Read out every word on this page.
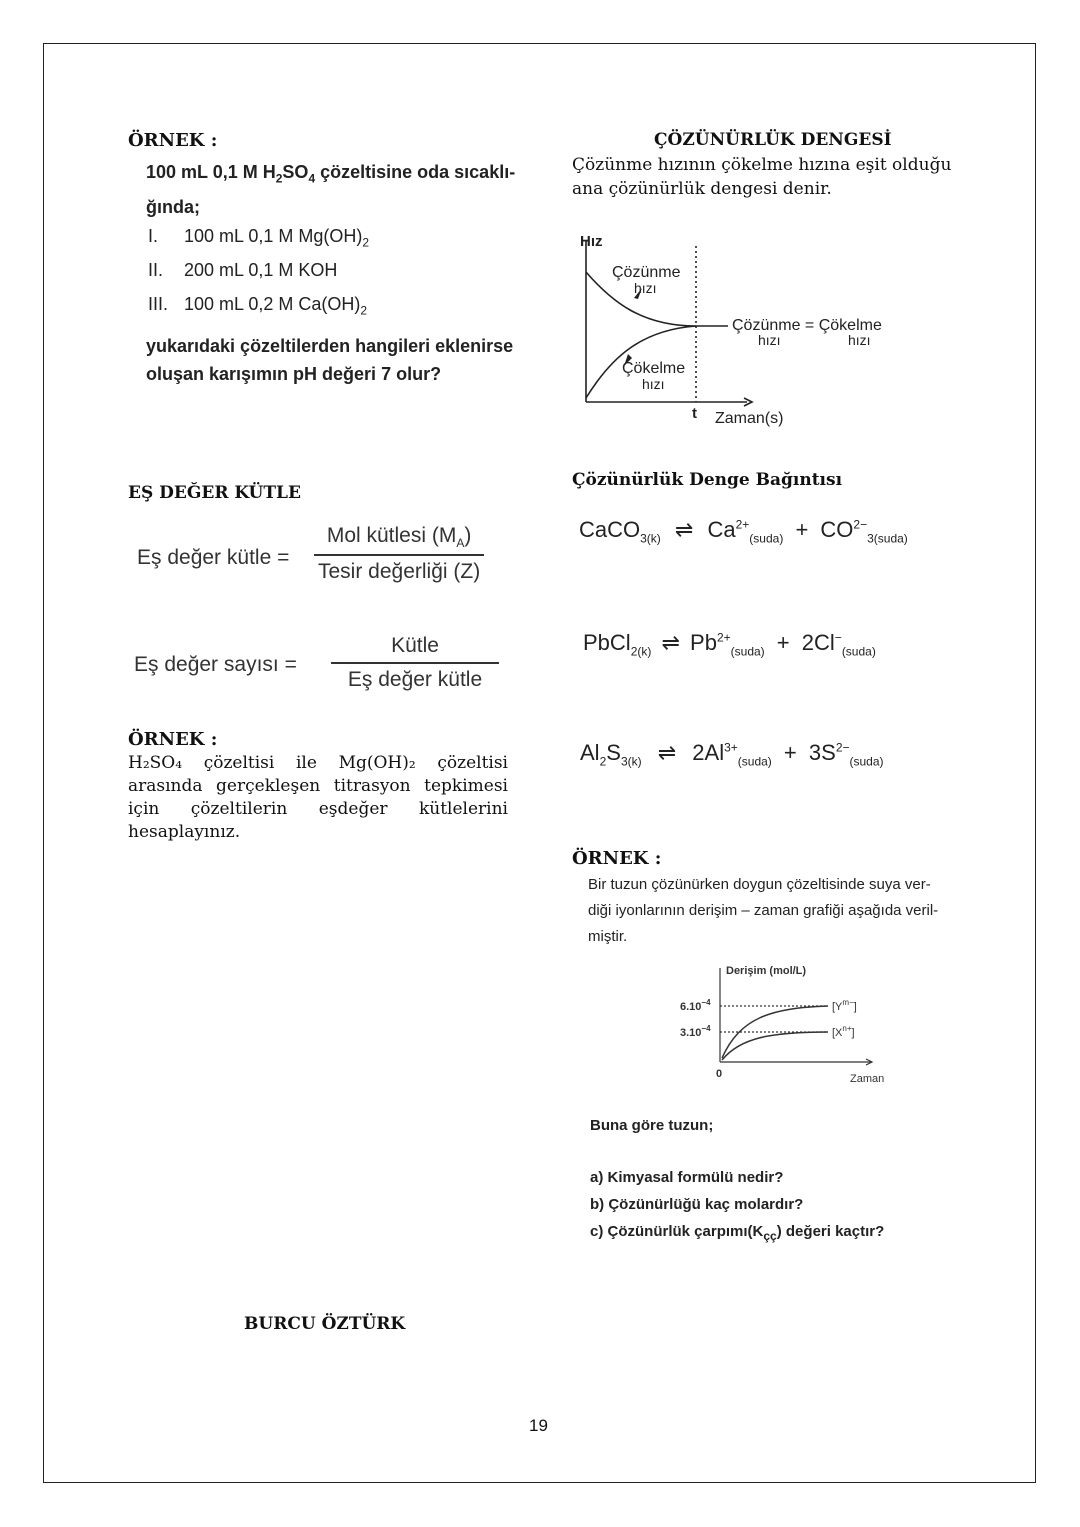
ÖRNEK :
100 mL 0,1 M $H_2SO_4$ çözeltisine oda sıcaklı-
ğında;
I. 100 mL 0,1 M $Mg(OH)_2$
II. 200 mL 0,1 M KOH
III. 100 mL 0,2 M $Ca(OH)_2$
yukarıdaki çözeltilerden hangileri eklenirse
oluşan karışımın pH değeri 7 olur?
EŞ DEĞER KÜTLE
Eş değer kütle =
Mol kütlesi $(M_A)$
Tesir değerliği (Z)
Eş değer sayısı =
Kütle
Eş değer kütle
ÖRNEK :
H₂SO₄ çözeltisi ile Mg(OH)₂ çözeltisi arasında gerçekleşen titrasyon tepkimesi için çözeltilerin eşdeğer kütlelerini hesaplayınız.
BURCU ÖZTÜRK
19
ÇÖZÜNÜRLÜK DENGESİ
Çözünme hızının çökelme hızına eşit olduğu
ana çözünürlük dengesi denir.
Hız
Çözünme
hızı
Çökelme
hızı
Çözünme = Çökelme
hızı	hızı
t Zaman(s)
Çözünürlük Denge Bağıntısı
CaCO$_{3(k)}$ ⇌ $Ca^{2+}_{(suda)} + CO^{2-}_{3(suda)}$
PbCl$_{2(k)}$ ⇌ $Pb^{2+}_{(suda)} + 2Cl^-_{(suda)}$
$Al_2S_{3(k)}$ ⇌ $2Al^{3+}_{(suda)} + 3S^{2-}_{(suda)}$
ÖRNEK :
Bir tuzun çözünürken doygun çözeltisinde suya ver-
diği iyonlarının derişim – zaman grafiği aşağıda veril-
miştir.
Derişim (mol/L)
$6.10^{-4}$
$3.10^{-4}$
0	Zaman
$[Y^{m-}]$
$[X^{n+}]$
Buna göre tuzun;
a) Kimyasal formülü nedir?
b) Çözünürlüğü kaç molardır?
c) Çözünürlük $çarpımı(K_{çç})$ değeri kaçtır?
